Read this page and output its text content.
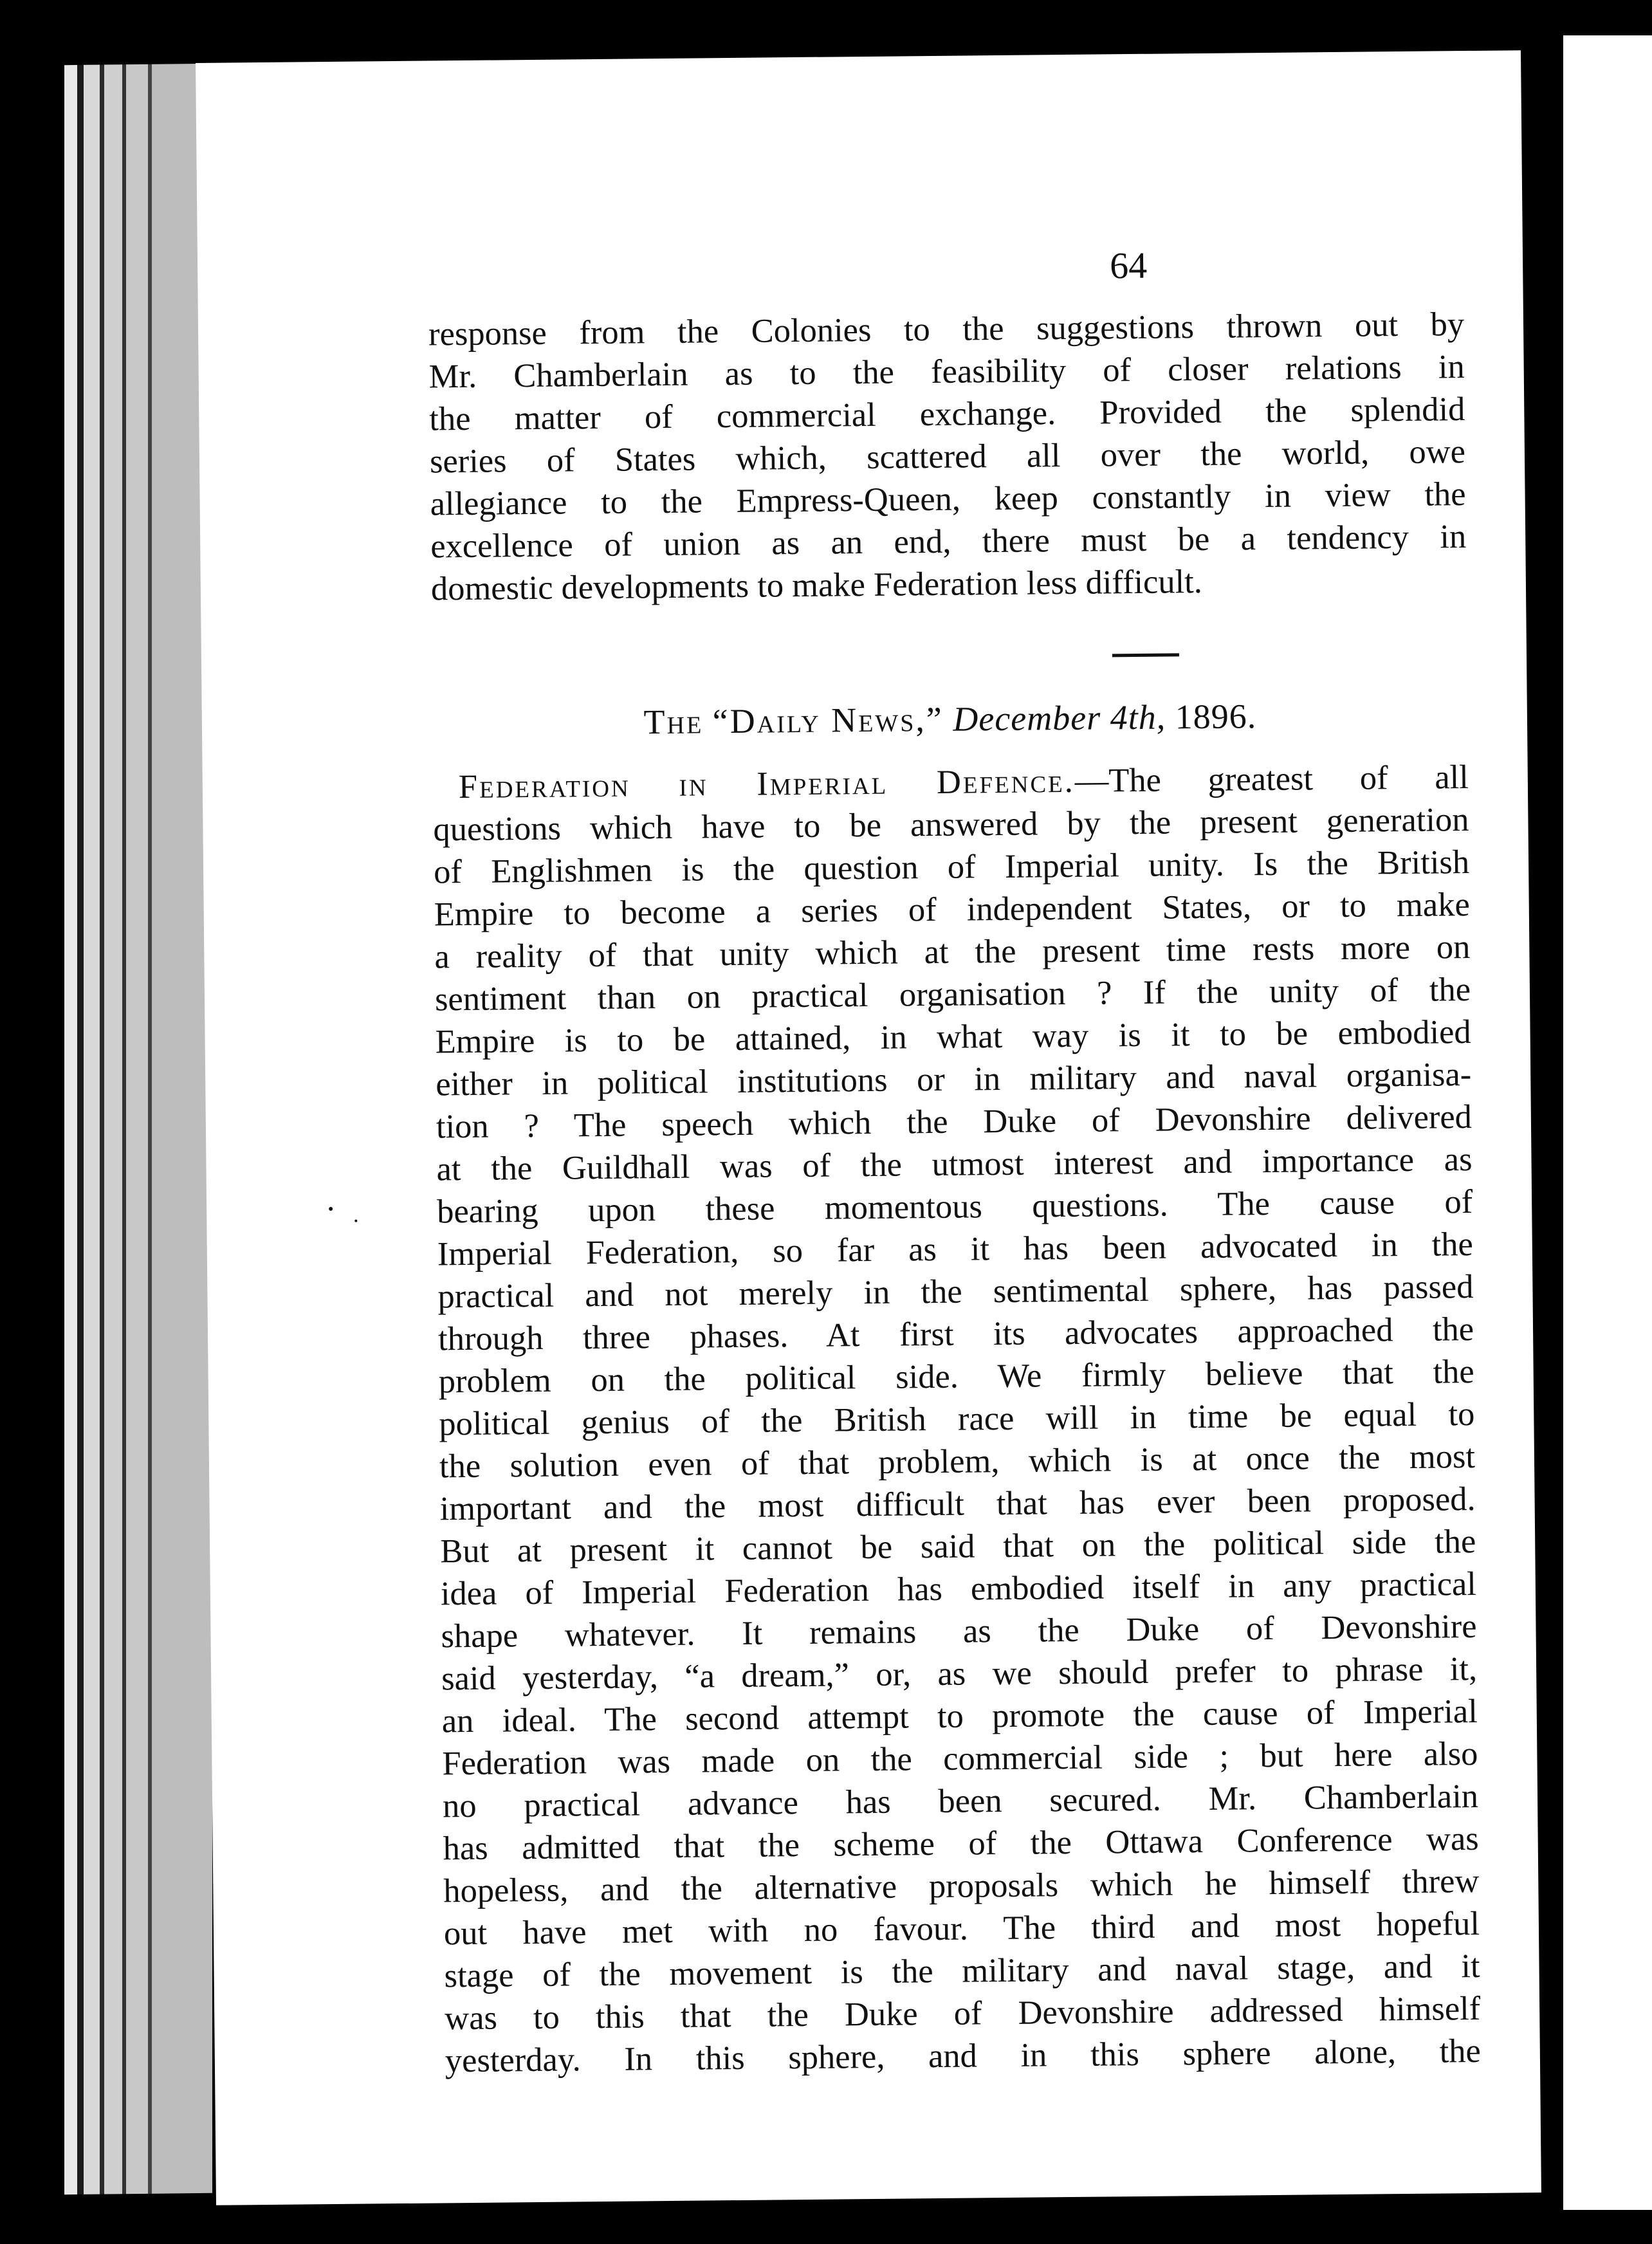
64
response from the Colonies to the suggestions thrown out by
Mr. Chamberlain as to the feasibility of closer relations in
the matter of commercial exchange. Provided the splendid
series of States which, scattered all over the world, owe
allegiance to the Empress-Queen, keep constantly in view the
excellence of union as an end, there must be a tendency in
domestic developments to make Federation less difficult.
The “Daily News,” December 4th, 1896.
Federation in Imperial Defence.—The greatest of all
questions which have to be answered by the present generation
of Englishmen is the question of Imperial unity. Is the British
Empire to become a series of independent States, or to make
a reality of that unity which at the present time rests more on
sentiment than on practical organisation ? If the unity of the
Empire is to be attained, in what way is it to be embodied
either in political institutions or in military and naval organisa-
tion ? The speech which the Duke of Devonshire delivered
at the Guildhall was of the utmost interest and importance as
bearing upon these momentous questions. The cause of
Imperial Federation, so far as it has been advocated in the
practical and not merely in the sentimental sphere, has passed
through three phases. At first its advocates approached the
problem on the political side. We firmly believe that the
political genius of the British race will in time be equal to
the solution even of that problem, which is at once the most
important and the most difficult that has ever been proposed.
But at present it cannot be said that on the political side the
idea of Imperial Federation has embodied itself in any practical
shape whatever. It remains as the Duke of Devonshire
said yesterday, “a dream,” or, as we should prefer to phrase it,
an ideal. The second attempt to promote the cause of Imperial
Federation was made on the commercial side ; but here also
no practical advance has been secured. Mr. Chamberlain
has admitted that the scheme of the Ottawa Conference was
hopeless, and the alternative proposals which he himself threw
out have met with no favour. The third and most hopeful
stage of the movement is the military and naval stage, and it
was to this that the Duke of Devonshire addressed himself
yesterday. In this sphere, and in this sphere alone, the
